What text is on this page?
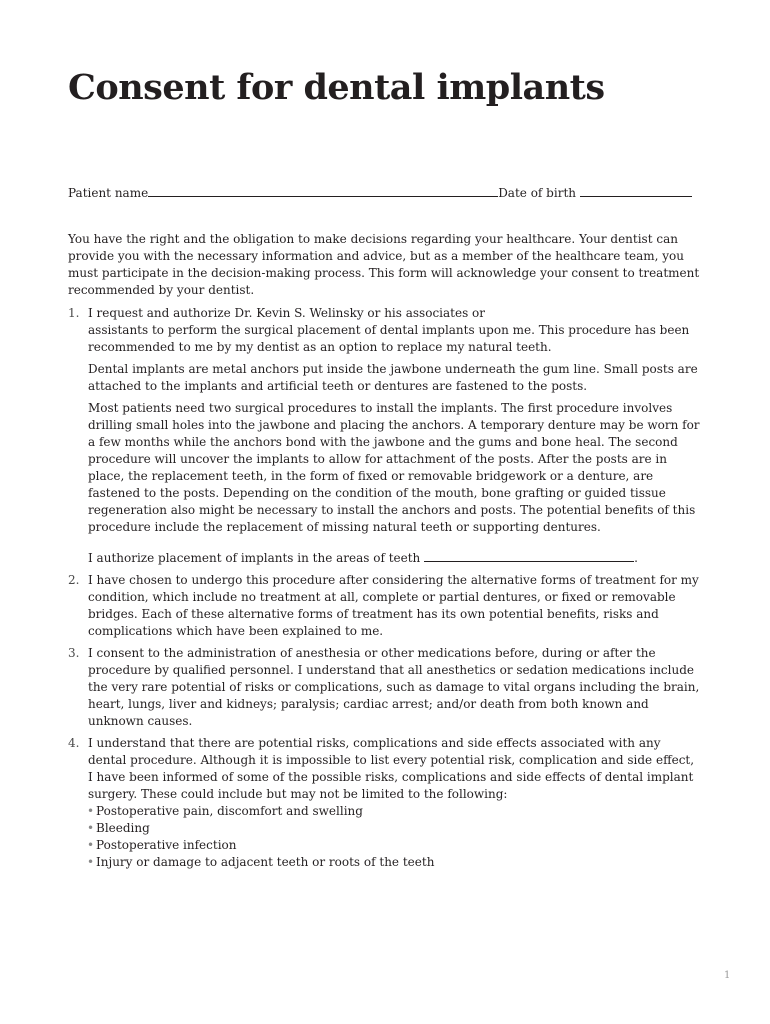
Consent for dental implants
Patient name	Date of birth

You have the right and the obligation to make decisions regarding your healthcare. Your dentist can provide you with the necessary information and advice, but as a member of the healthcare team, you must participate in the decision-making process. This form will acknowledge your consent to treatment recommended by your dentist.

1. I request and authorize Dr. Kevin S. Welinsky or his associates or
assistants to perform the surgical placement of dental implants upon me. This procedure has been recommended to me by my dentist as an option to replace my natural teeth.

Dental implants are metal anchors put inside the jawbone underneath the gum line. Small posts are attached to the implants and artificial teeth or dentures are fastened to the posts.

Most patients need two surgical procedures to install the implants. The first procedure involves drilling small holes into the jawbone and placing the anchors. A temporary denture may be worn for a few months while the anchors bond with the jawbone and the gums and bone heal. The second procedure will uncover the implants to allow for attachment of the posts. After the posts are in place, the replacement teeth, in the form of fixed or removable bridgework or a denture, are fastened to the posts. Depending on the condition of the mouth, bone grafting or guided tissue regeneration also might be necessary to install the anchors and posts. The potential benefits of this procedure include the replacement of missing natural teeth or supporting dentures.

I authorize placement of implants in the areas of teeth	.

2. I have chosen to undergo this procedure after considering the alternative forms of treatment for my condition, which include no treatment at all, complete or partial dentures, or fixed or removable bridges. Each of these alternative forms of treatment has its own potential benefits, risks and complications which have been explained to me.

3. I consent to the administration of anesthesia or other medications before, during or after the procedure by qualified personnel. I understand that all anesthetics or sedation medications include the very rare potential of risks or complications, such as damage to vital organs including the brain, heart, lungs, liver and kidneys; paralysis; cardiac arrest; and/or death from both known and unknown causes.

4. I understand that there are potential risks, complications and side effects associated with any dental procedure. Although it is impossible to list every potential risk, complication and side effect, I have been informed of some of the possible risks, complications and side effects of dental implant surgery. These could include but may not be limited to the following:

• Postoperative pain, discomfort and swelling
• Bleeding
• Postoperative infection
• Injury or damage to adjacent teeth or roots of the teeth
1
